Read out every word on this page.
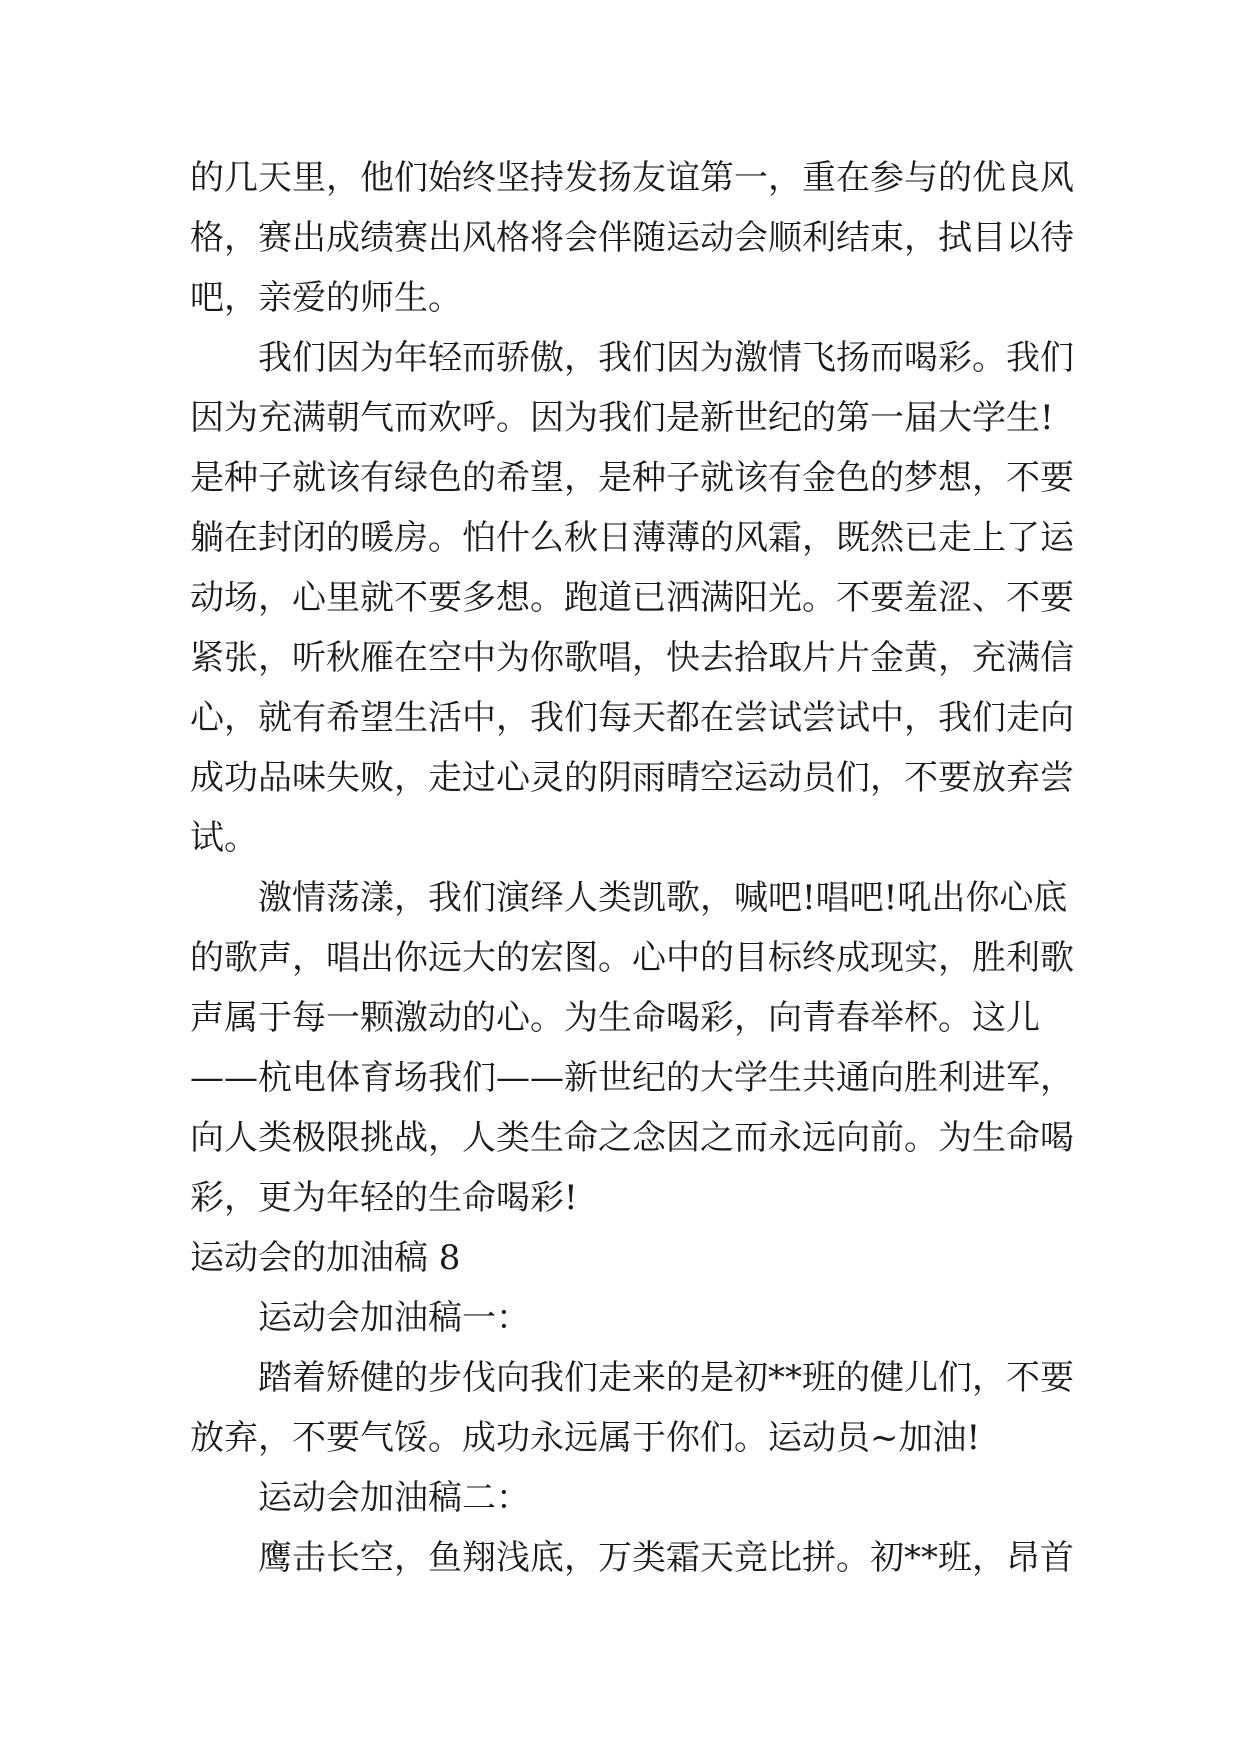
的几天里，他们始终坚持发扬友谊第一，重在参与的优良风
格，赛出成绩赛出风格将会伴随运动会顺利结束，拭目以待
吧，亲爱的师生。
我们因为年轻而骄傲，我们因为激情飞扬而喝彩。我们
因为充满朝气而欢呼。因为我们是新世纪的第一届大学生!
是种子就该有绿色的希望，是种子就该有金色的梦想，不要
躺在封闭的暖房。怕什么秋日薄薄的风霜，既然已走上了运
动场，心里就不要多想。跑道已洒满阳光。不要羞涩、不要
紧张，听秋雁在空中为你歌唱，快去拾取片片金黄，充满信
心，就有希望生活中，我们每天都在尝试尝试中，我们走向
成功品味失败，走过心灵的阴雨晴空运动员们，不要放弃尝
试。
激情荡漾，我们演绎人类凯歌，喊吧!唱吧!吼出你心底
的歌声，唱出你远大的宏图。心中的目标终成现实，胜利歌
声属于每一颗激动的心。为生命喝彩，向青春举杯。这儿
——杭电体育场我们——新世纪的大学生共通向胜利进军，
向人类极限挑战，人类生命之念因之而永远向前。为生命喝
彩，更为年轻的生命喝彩!
运动会的加油稿 8
运动会加油稿一：
踏着矫健的步伐向我们走来的是初**班的健儿们，不要
放弃，不要气馁。成功永远属于你们。运动员~加油!
运动会加油稿二：
鹰击长空，鱼翔浅底，万类霜天竞比拼。初**班，昂首
